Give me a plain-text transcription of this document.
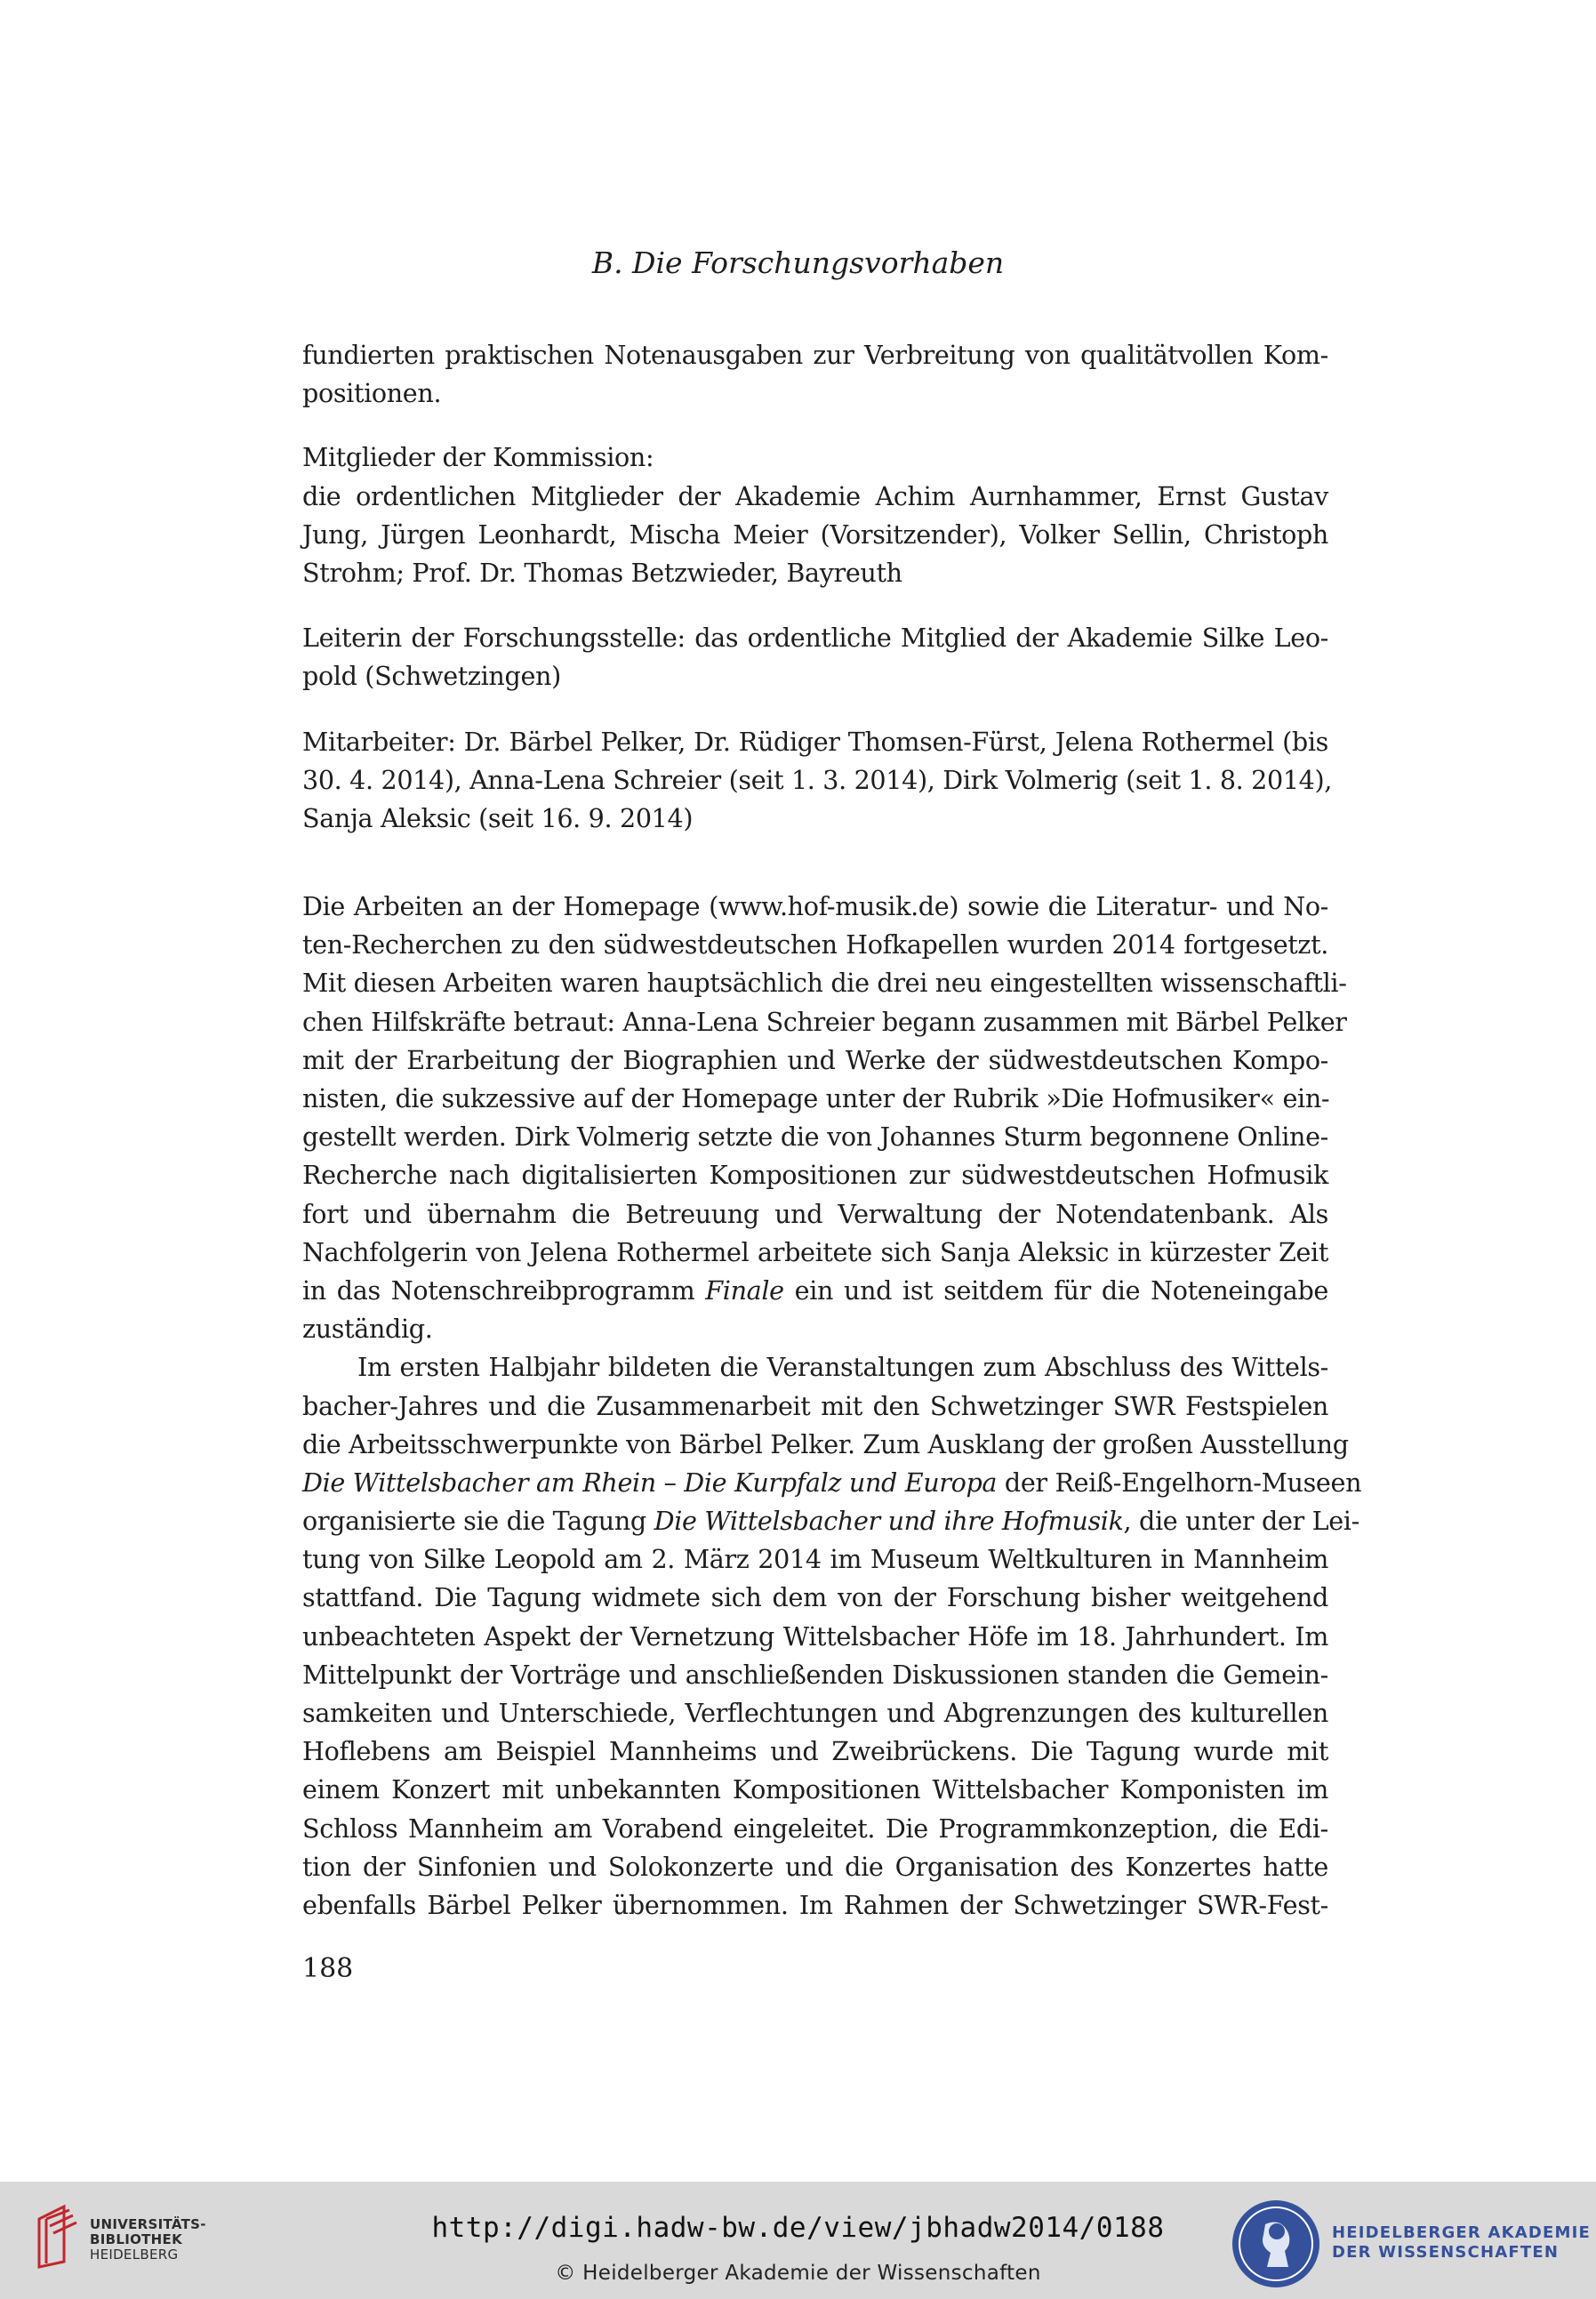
B. Die Forschungsvorhaben
fundierten praktischen Notenausgaben zur Verbreitung von qualitätvollen Kom-
positionen.
Mitglieder der Kommission:
die ordentlichen Mitglieder der Akademie Achim Aurnhammer, Ernst Gustav
Jung, Jürgen Leonhardt, Mischa Meier (Vorsitzender), Volker Sellin, Christoph
Strohm; Prof. Dr. Thomas Betzwieder, Bayreuth
Leiterin der Forschungsstelle: das ordentliche Mitglied der Akademie Silke Leo-
pold (Schwetzingen)
Mitarbeiter: Dr. Bärbel Pelker, Dr. Rüdiger Thomsen-Fürst, Jelena Rothermel (bis
30. 4. 2014), Anna-Lena Schreier (seit 1. 3. 2014), Dirk Volmerig (seit 1. 8. 2014),
Sanja Aleksic (seit 16. 9. 2014)
Die Arbeiten an der Homepage (www.hof-musik.de) sowie die Literatur- und No-
ten-Recherchen zu den südwestdeutschen Hofkapellen wurden 2014 fortgesetzt.
Mit diesen Arbeiten waren hauptsächlich die drei neu eingestellten wissenschaftli-
chen Hilfskräfte betraut: Anna-Lena Schreier begann zusammen mit Bärbel Pelker
mit der Erarbeitung der Biographien und Werke der südwestdeutschen Kompo-
nisten, die sukzessive auf der Homepage unter der Rubrik »Die Hofmusiker« ein-
gestellt werden. Dirk Volmerig setzte die von Johannes Sturm begonnene Online-
Recherche nach digitalisierten Kompositionen zur südwestdeutschen Hofmusik
fort und übernahm die Betreuung und Verwaltung der Notendatenbank. Als
Nachfolgerin von Jelena Rothermel arbeitete sich Sanja Aleksic in kürzester Zeit
in das Notenschreibprogramm Finale ein und ist seitdem für die Noteneingabe
zuständig.
Im ersten Halbjahr bildeten die Veranstaltungen zum Abschluss des Wittels-
bacher-Jahres und die Zusammenarbeit mit den Schwetzinger SWR Festspielen
die Arbeitsschwerpunkte von Bärbel Pelker. Zum Ausklang der großen Ausstellung
Die Wittelsbacher am Rhein – Die Kurpfalz und Europa der Reiß-Engelhorn-Museen
organisierte sie die Tagung Die Wittelsbacher und ihre Hofmusik, die unter der Lei-
tung von Silke Leopold am 2. März 2014 im Museum Weltkulturen in Mannheim
stattfand. Die Tagung widmete sich dem von der Forschung bisher weitgehend
unbeachteten Aspekt der Vernetzung Wittelsbacher Höfe im 18. Jahrhundert. Im
Mittelpunkt der Vorträge und anschließenden Diskussionen standen die Gemein-
samkeiten und Unterschiede, Verflechtungen und Abgrenzungen des kulturellen
Hoflebens am Beispiel Mannheims und Zweibrückens. Die Tagung wurde mit
einem Konzert mit unbekannten Kompositionen Wittelsbacher Komponisten im
Schloss Mannheim am Vorabend eingeleitet. Die Programmkonzeption, die Edi-
tion der Sinfonien und Solokonzerte und die Organisation des Konzertes hatte
ebenfalls Bärbel Pelker übernommen. Im Rahmen der Schwetzinger SWR-Fest-
188
UNIVERSITÄTS-
BIBLIOTHEK
HEIDELBERG
http://digi.hadw-bw.de/view/jbhadw2014/0188
© Heidelberger Akademie der Wissenschaften
HEIDELBERGER AKADEMIE
DER WISSENSCHAFTEN
